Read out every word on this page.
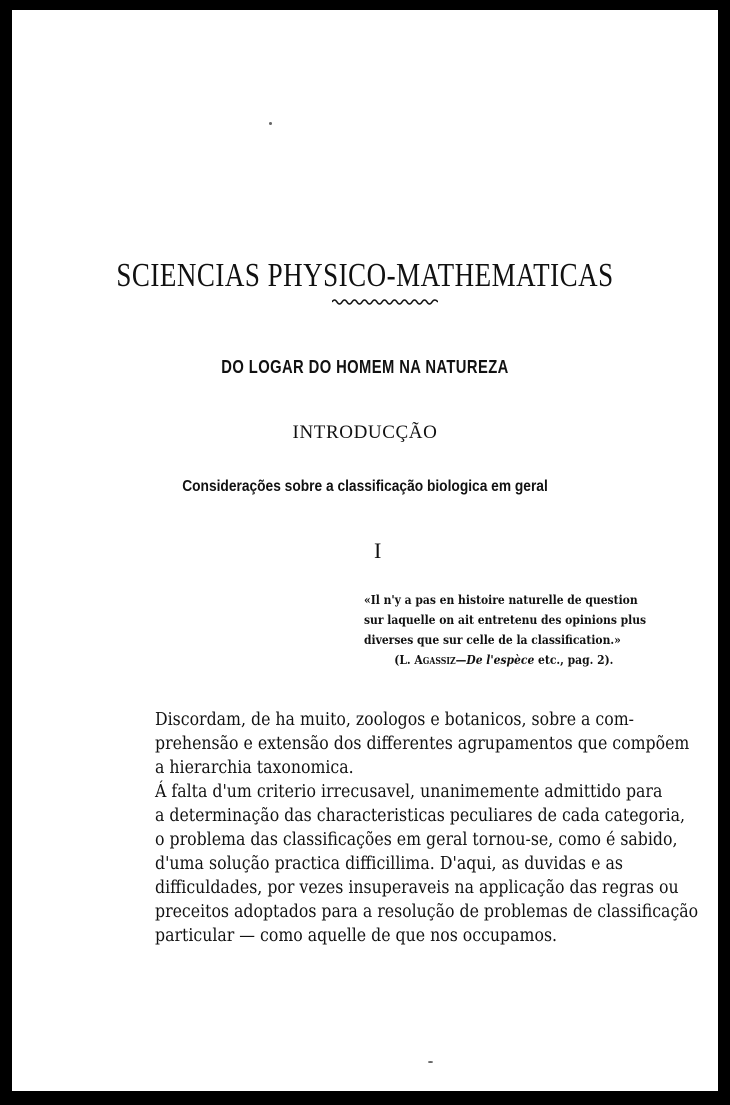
SCIENCIAS PHYSICO-MATHEMATICAS
DO LOGAR DO HOMEM NA NATUREZA
INTRODUCÇÃO
Considerações sobre a classificação biologica em geral
I
«Il n'y a pas en histoire naturelle de question
sur laquelle on ait entretenu des opinions plus
diverses que sur celle de la classification.»
(L. Agassiz—De l'espèce etc., pag. 2).
Discordam, de ha muito, zoologos e botanicos, sobre a com-
prehensão e extensão dos differentes agrupamentos que compõem
a hierarchia taxonomica.
Á falta d'um criterio irrecusavel, unanimemente admittido para
a determinação das characteristicas peculiares de cada categoria,
o problema das classificações em geral tornou-se, como é sabido,
d'uma solução practica difficillima. D'aqui, as duvidas e as
difficuldades, por vezes insuperaveis na applicação das regras ou
preceitos adoptados para a resolução de problemas de classificação
particular — como aquelle de que nos occupamos.
